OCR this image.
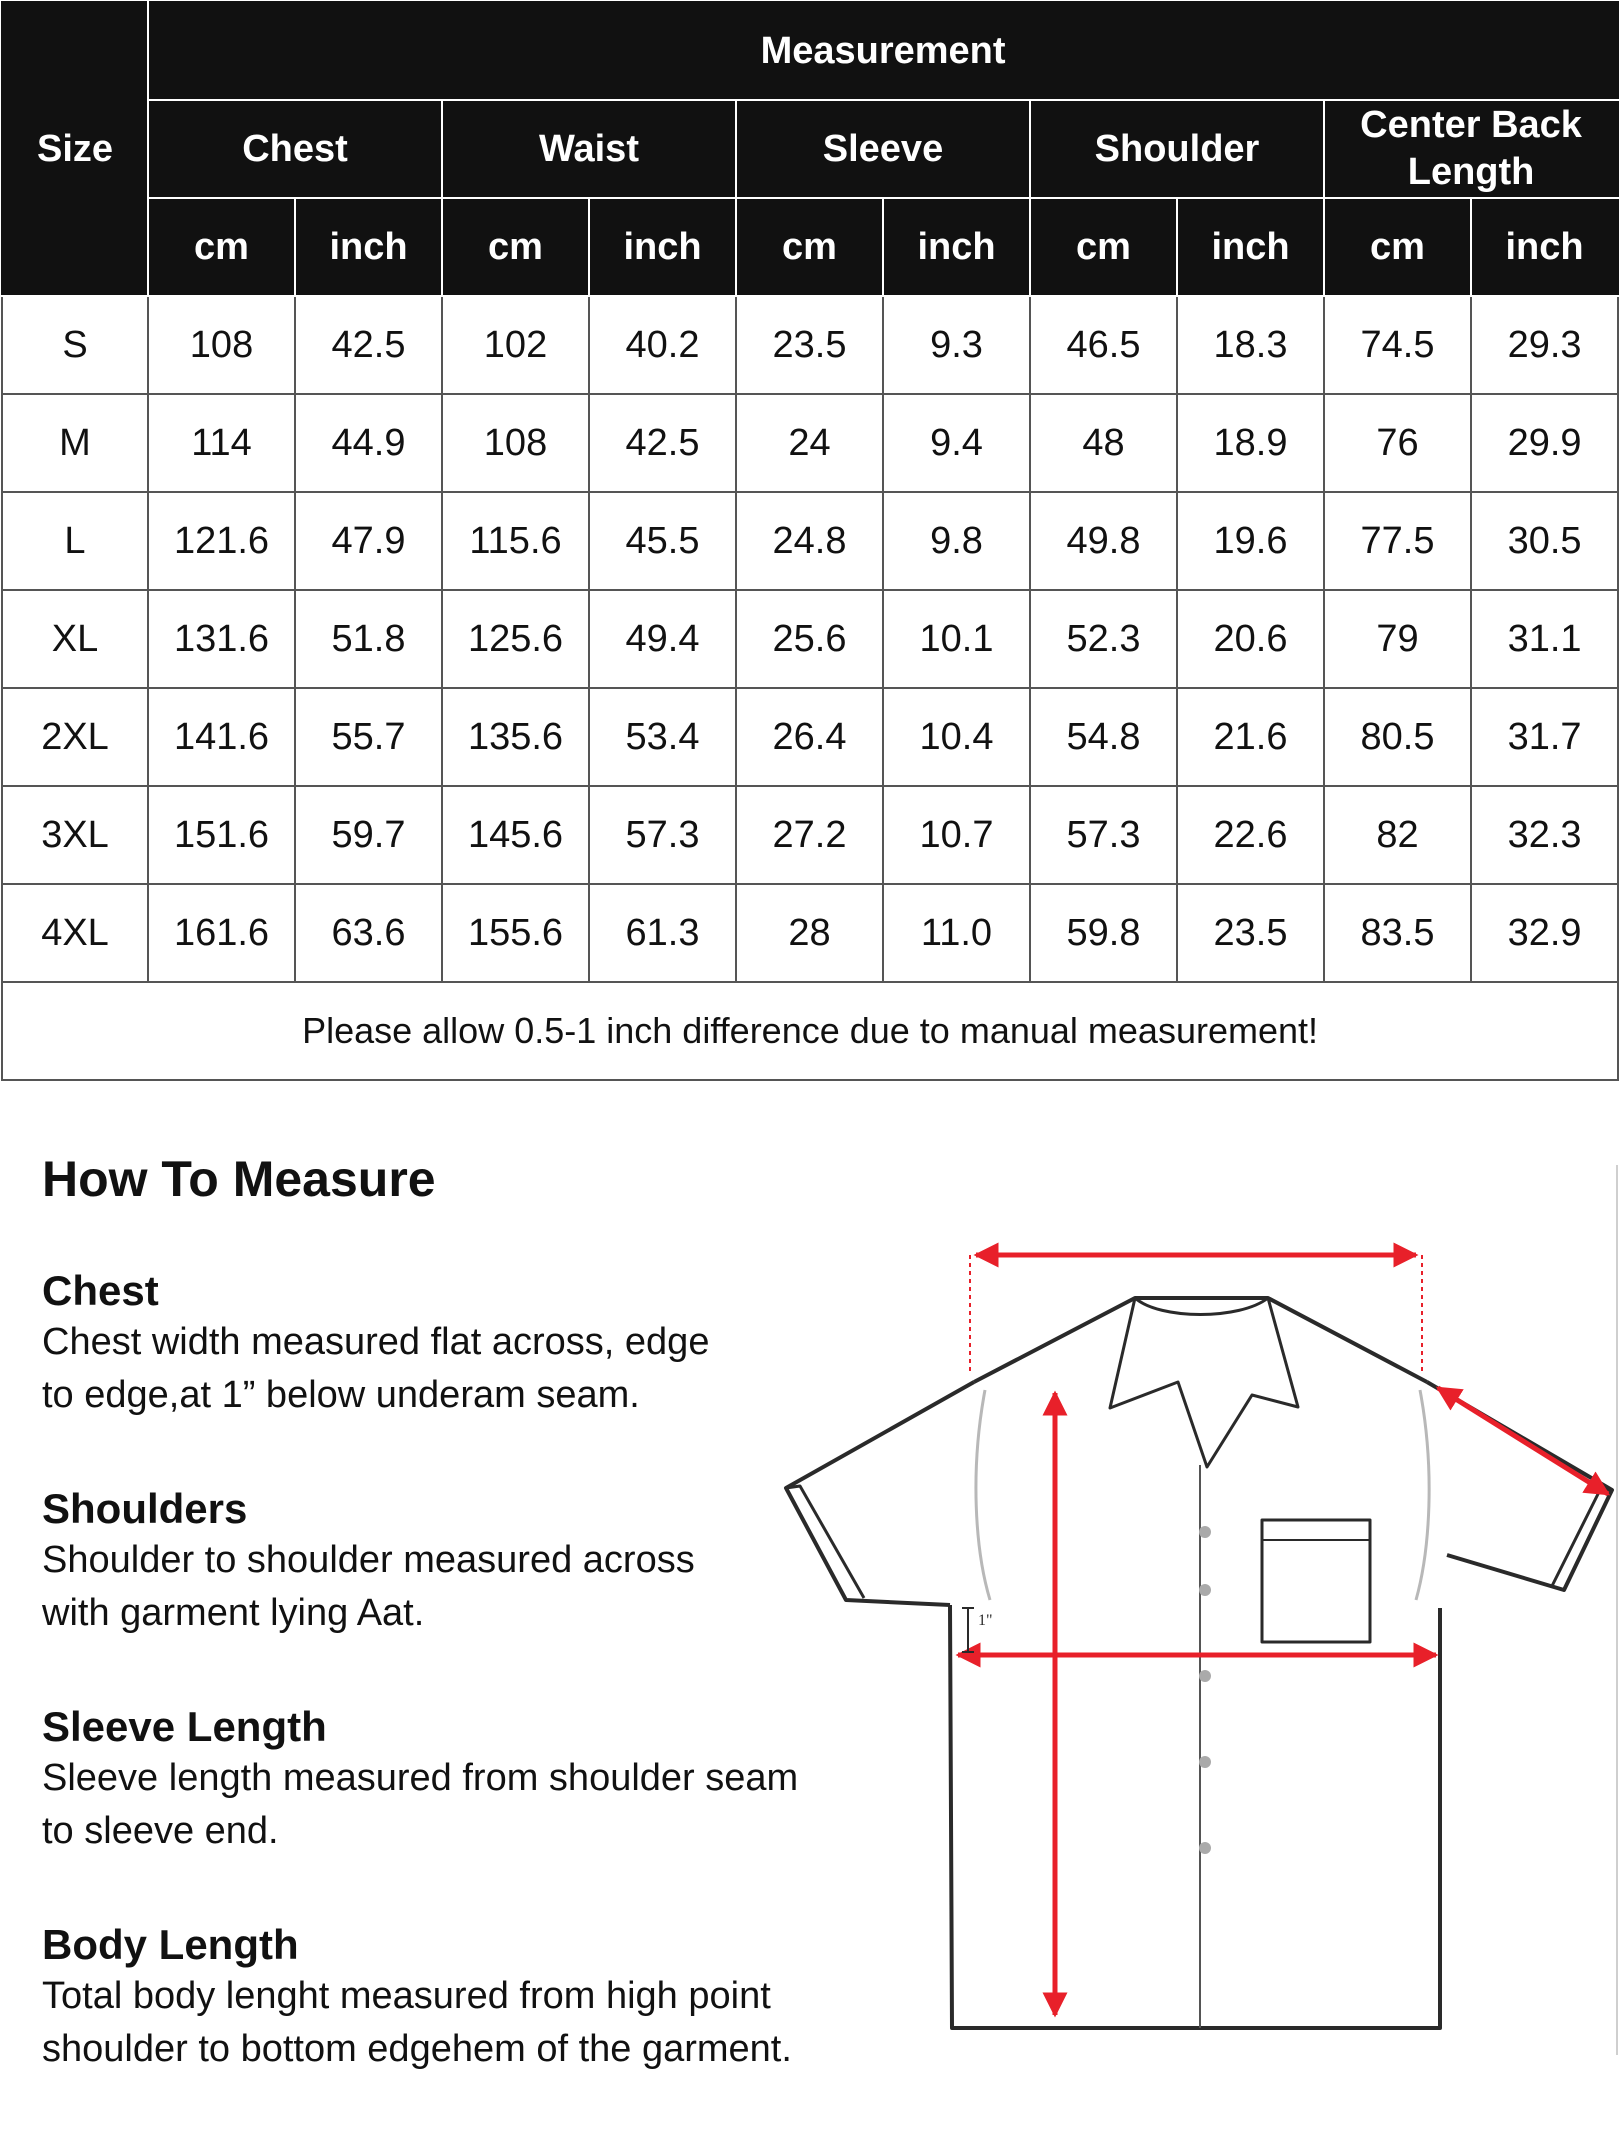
Size	Measurement									
	Chest		Waist		Sleeve		Shoulder		Center Back Length	
	cm	inch	cm	inch	cm	inch	cm	inch	cm	inch
S	108	42.5	102	40.2	23.5	9.3	46.5	18.3	74.5	29.3
M	114	44.9	108	42.5	24	9.4	48	18.9	76	29.9
L	121.6	47.9	115.6	45.5	24.8	9.8	49.8	19.6	77.5	30.5
XL	131.6	51.8	125.6	49.4	25.6	10.1	52.3	20.6	79	31.1
2XL	141.6	55.7	135.6	53.4	26.4	10.4	54.8	21.6	80.5	31.7
3XL	151.6	59.7	145.6	57.3	27.2	10.7	57.3	22.6	82	32.3
4XL	161.6	63.6	155.6	61.3	28	11.0	59.8	23.5	83.5	32.9
Please allow 0.5-1 inch difference due to manual measurement!										
How To Measure
Chest
Chest width measured flat across, edge
to edge,at 1” below underam seam.
Shoulders
Shoulder to shoulder measured across
with garment lying Aat.
Sleeve Length
Sleeve length measured from shoulder seam
to sleeve end.
Body Length
Total body lenght measured from high point
shoulder to bottom edgehem of the garment.
1"
